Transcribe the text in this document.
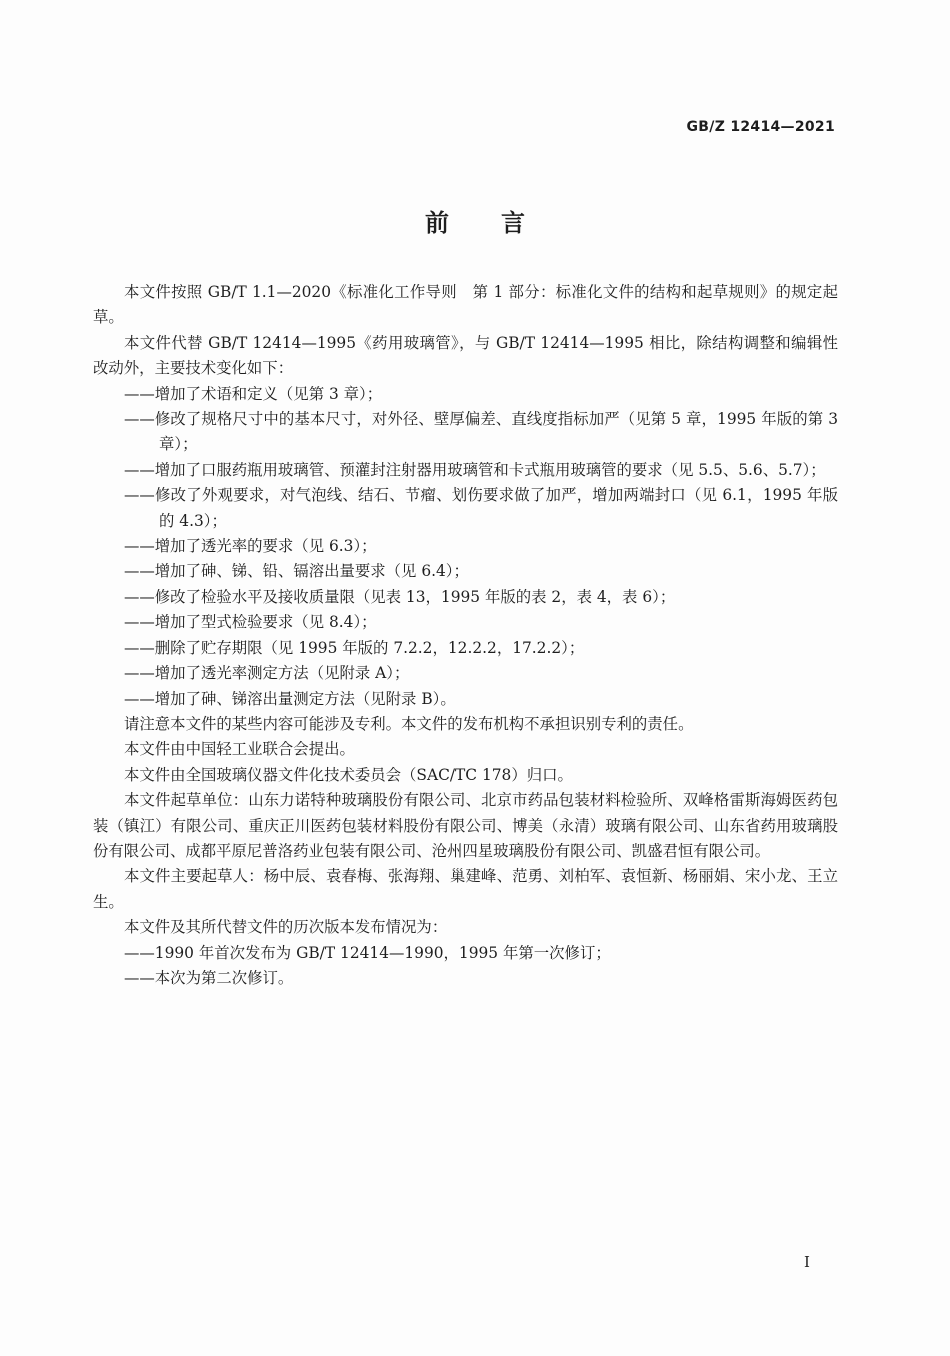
GB/Z 12414—2021
前言

本文件按照 GB/T 1.1—2020《标准化工作导则　第 1 部分：标准化文件的结构和起草规则》的规定起草。

本文件代替 GB/T 12414—1995《药用玻璃管》，与 GB/T 12414—1995 相比，除结构调整和编辑性改动外，主要技术变化如下：

——增加了术语和定义（见第 3 章）；

——修改了规格尺寸中的基本尺寸，对外径、壁厚偏差、直线度指标加严（见第 5 章，1995 年版的第 3 章）；

——增加了口服药瓶用玻璃管、预灌封注射器用玻璃管和卡式瓶用玻璃管的要求（见 5.5、5.6、5.7）；

——修改了外观要求，对气泡线、结石、节瘤、划伤要求做了加严，增加两端封口（见 6.1，1995 年版的 4.3）；

——增加了透光率的要求（见 6.3）；

——增加了砷、锑、铅、镉溶出量要求（见 6.4）；

——修改了检验水平及接收质量限（见表 13，1995 年版的表 2，表 4，表 6）；

——增加了型式检验要求（见 8.4）；

——删除了贮存期限（见 1995 年版的 7.2.2，12.2.2，17.2.2）；

——增加了透光率测定方法（见附录 A）；

——增加了砷、锑溶出量测定方法（见附录 B）。

请注意本文件的某些内容可能涉及专利。本文件的发布机构不承担识别专利的责任。

本文件由中国轻工业联合会提出。

本文件由全国玻璃仪器文件化技术委员会（SAC/TC 178）归口。

本文件起草单位：山东力诺特种玻璃股份有限公司、北京市药品包装材料检验所、双峰格雷斯海姆医药包装（镇江）有限公司、重庆正川医药包装材料股份有限公司、博美（永清）玻璃有限公司、山东省药用玻璃股份有限公司、成都平原尼普洛药业包装有限公司、沧州四星玻璃股份有限公司、凯盛君恒有限公司。

本文件主要起草人：杨中辰、袁春梅、张海翔、巢建峰、范勇、刘柏军、袁恒新、杨丽娟、宋小龙、王立生。

本文件及其所代替文件的历次版本发布情况为：

——1990 年首次发布为 GB/T 12414—1990，1995 年第一次修订；

——本次为第二次修订。

I
